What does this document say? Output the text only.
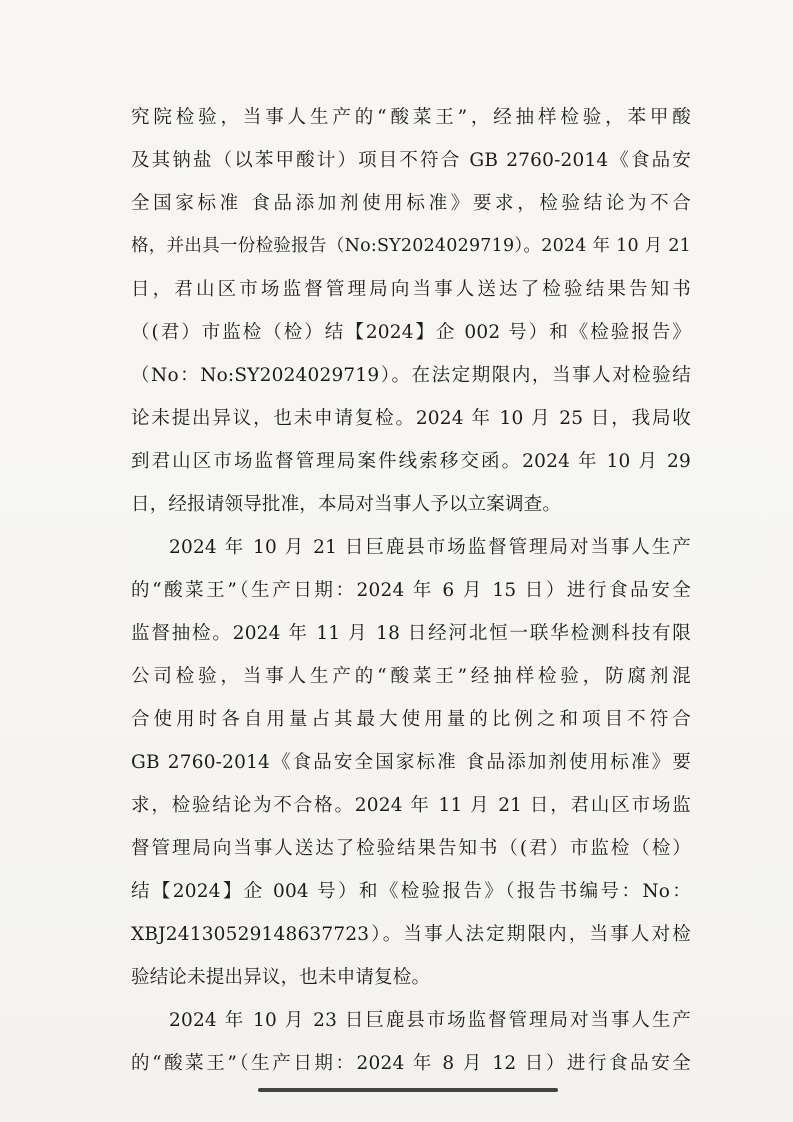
究院检验，当事人生产的“酸菜王”，经抽样检验，苯甲酸
及其钠盐（以苯甲酸计）项目不符合 GB 2760-2014《食品安
全国家标准 食品添加剂使用标准》要求，检验结论为不合
格，并出具一份检验报告（No:SY2024029719）。2024 年 10 月 21
日，君山区市场监督管理局向当事人送达了检验结果告知书
（(君）市监检（检）结【2024】企 002 号）和《检验报告》
（No：No:SY2024029719）。在法定期限内，当事人对检验结
论未提出异议，也未申请复检。2024 年 10 月 25 日，我局收
到君山区市场监督管理局案件线索移交函。2024 年 10 月 29
日，经报请领导批准，本局对当事人予以立案调查。
2024 年 10 月 21 日巨鹿县市场监督管理局对当事人生产
的“酸菜王”（生产日期：2024 年 6 月 15 日）进行食品安全
监督抽检。2024 年 11 月 18 日经河北恒一联华检测科技有限
公司检验，当事人生产的“酸菜王”经抽样检验，防腐剂混
合使用时各自用量占其最大使用量的比例之和项目不符合
GB 2760-2014《食品安全国家标准 食品添加剂使用标准》要
求，检验结论为不合格。2024 年 11 月 21 日，君山区市场监
督管理局向当事人送达了检验结果告知书（(君）市监检（检）
结【2024】企 004 号）和《检验报告》（报告书编号：No：
XBJ24130529148637723）。当事人法定期限内，当事人对检
验结论未提出异议，也未申请复检。
2024 年 10 月 23 日巨鹿县市场监督管理局对当事人生产
的“酸菜王”（生产日期：2024 年 8 月 12 日）进行食品安全
